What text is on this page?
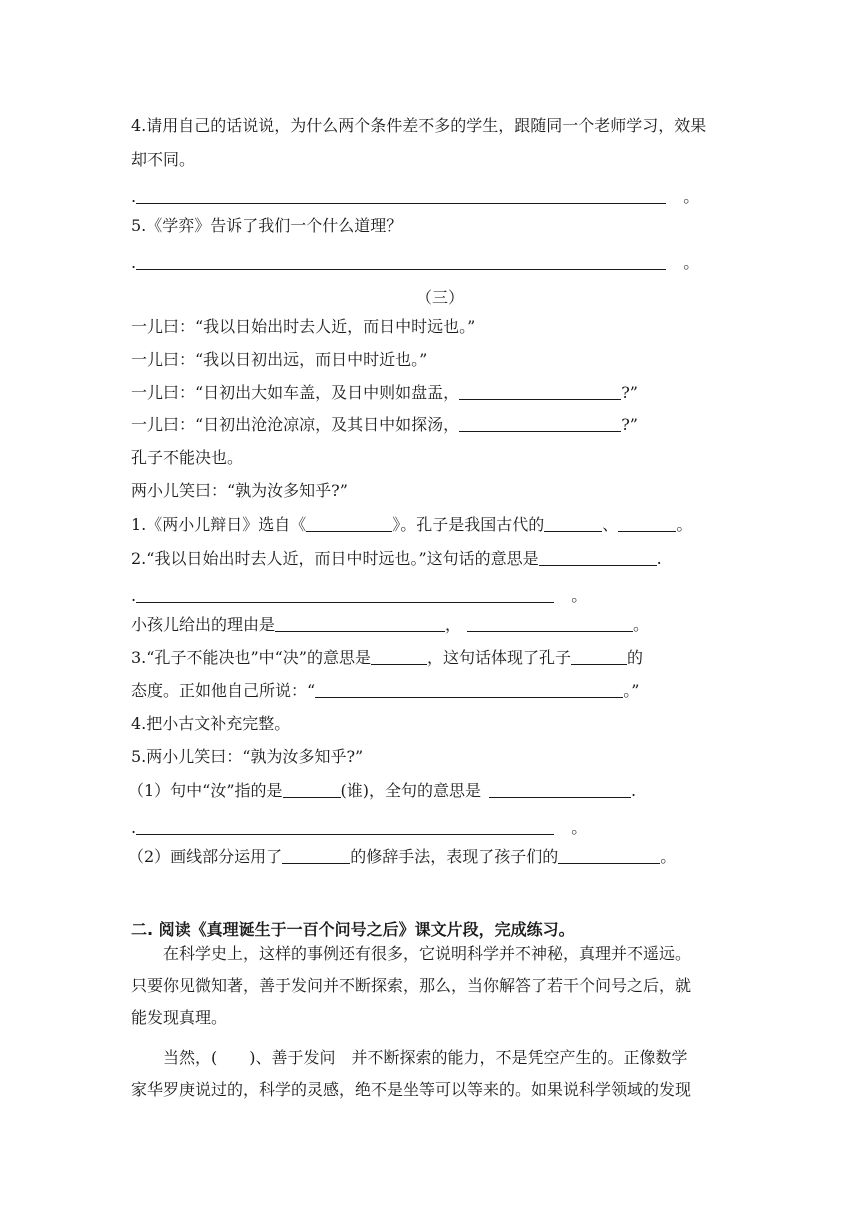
4.请用自己的话说说，为什么两个条件差不多的学生，跟随同一个老师学习，效果
却不同。
.	。
5.《学弈》告诉了我们一个什么道理？
.	。
（三）
一儿曰：“我以日始出时去人近，而日中时远也。”
一儿曰：“我以日初出远，而日中时近也。”
一儿曰：“日初出大如车盖，及日中则如盘盂，	?”
一儿曰：“日初出沧沧凉凉，及其日中如探汤，	?”
孔子不能决也。
两小儿笑曰：“孰为汝多知乎?”
1.《两小儿辩日》选自《	》。孔子是我国古代的	、	。
2.“我以日始出时去人近，而日中时远也。”这句话的意思是	.
.	。
小孩儿给出的理由是	，	。
3.“孔子不能决也”中“决”的意思是	，这句话体现了孔子	的
态度。正如他自己所说：“	。”
4.把小古文补充完整。
5.两小儿笑曰：“孰为汝多知乎?”
（1）句中“汝”指的是	(谁)，全句的意思是	.
.	。
（2）画线部分运用了	的修辞手法，表现了孩子们的	。
二. 阅读《真理诞生于一百个问号之后》课文片段，完成练习。
在科学史上，这样的事例还有很多，它说明科学并不神秘，真理并不遥远。
只要你见微知著，善于发问并不断探索，那么，当你解答了若干个问号之后，就
能发现真理。
当然，(　　)、善于发问　并不断探索的能力，不是凭空产生的。正像数学
家华罗庚说过的，科学的灵感，绝不是坐等可以等来的。如果说科学领域的发现
